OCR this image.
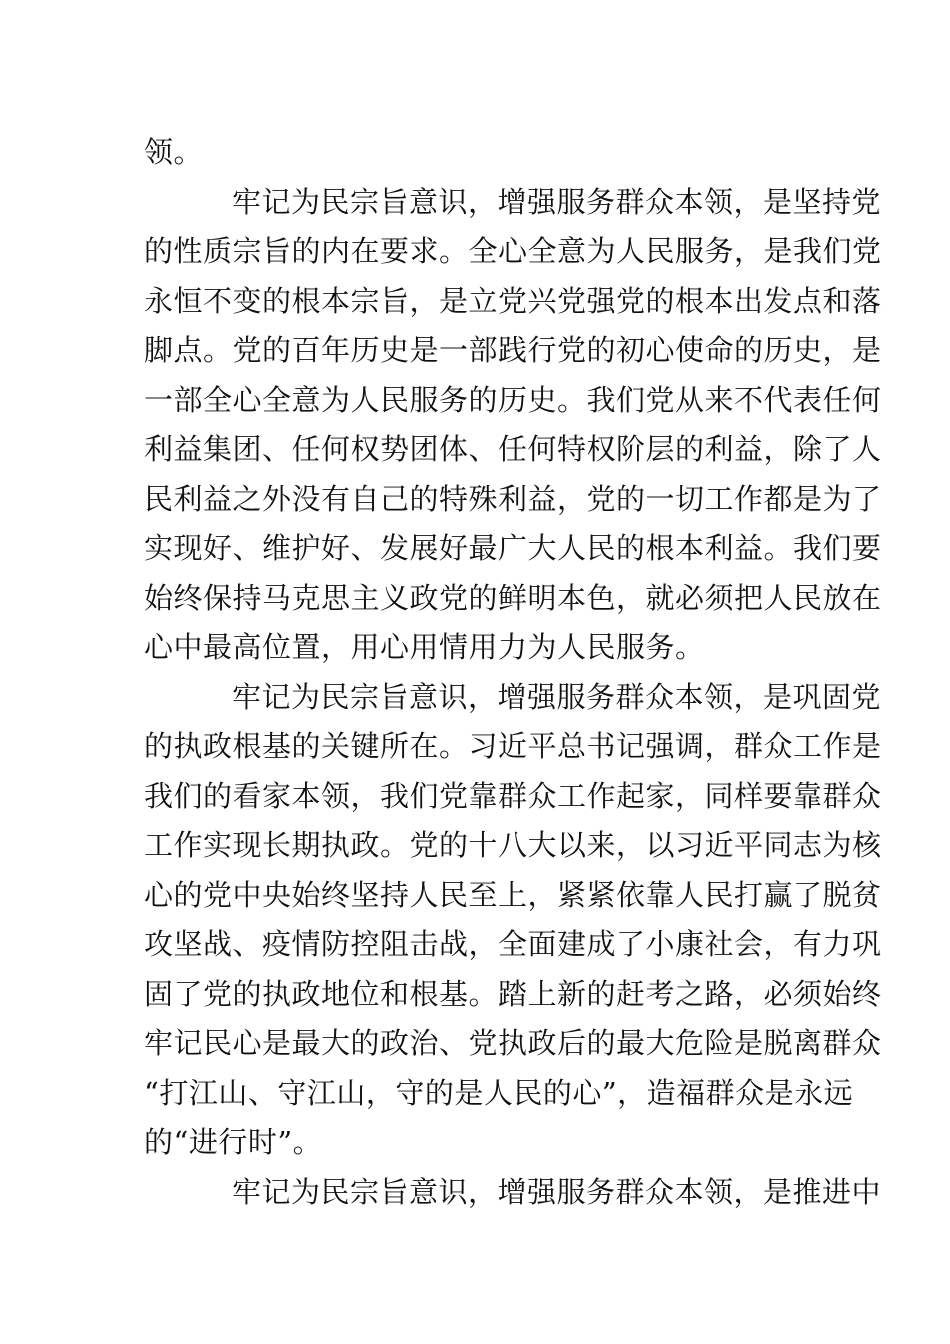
领。

牢记为民宗旨意识，增强服务群众本领，是坚持党
的性质宗旨的内在要求。全心全意为人民服务，是我们党
永恒不变的根本宗旨，是立党兴党强党的根本出发点和落
脚点。党的百年历史是一部践行党的初心使命的历史，是
一部全心全意为人民服务的历史。我们党从来不代表任何
利益集团、任何权势团体、任何特权阶层的利益，除了人
民利益之外没有自己的特殊利益，党的一切工作都是为了
实现好、维护好、发展好最广大人民的根本利益。我们要
始终保持马克思主义政党的鲜明本色，就必须把人民放在
心中最高位置，用心用情用力为人民服务。

牢记为民宗旨意识，增强服务群众本领，是巩固党
的执政根基的关键所在。习近平总书记强调，群众工作是
我们的看家本领，我们党靠群众工作起家，同样要靠群众
工作实现长期执政。党的十八大以来，以习近平同志为核
心的党中央始终坚持人民至上，紧紧依靠人民打赢了脱贫
攻坚战、疫情防控阻击战，全面建成了小康社会，有力巩
固了党的执政地位和根基。踏上新的赶考之路，必须始终
牢记民心是最大的政治、党执政后的最大危险是脱离群众
“打江山、守江山，守的是人民的心”，造福群众是永远
的“进行时”。

牢记为民宗旨意识，增强服务群众本领，是推进中
